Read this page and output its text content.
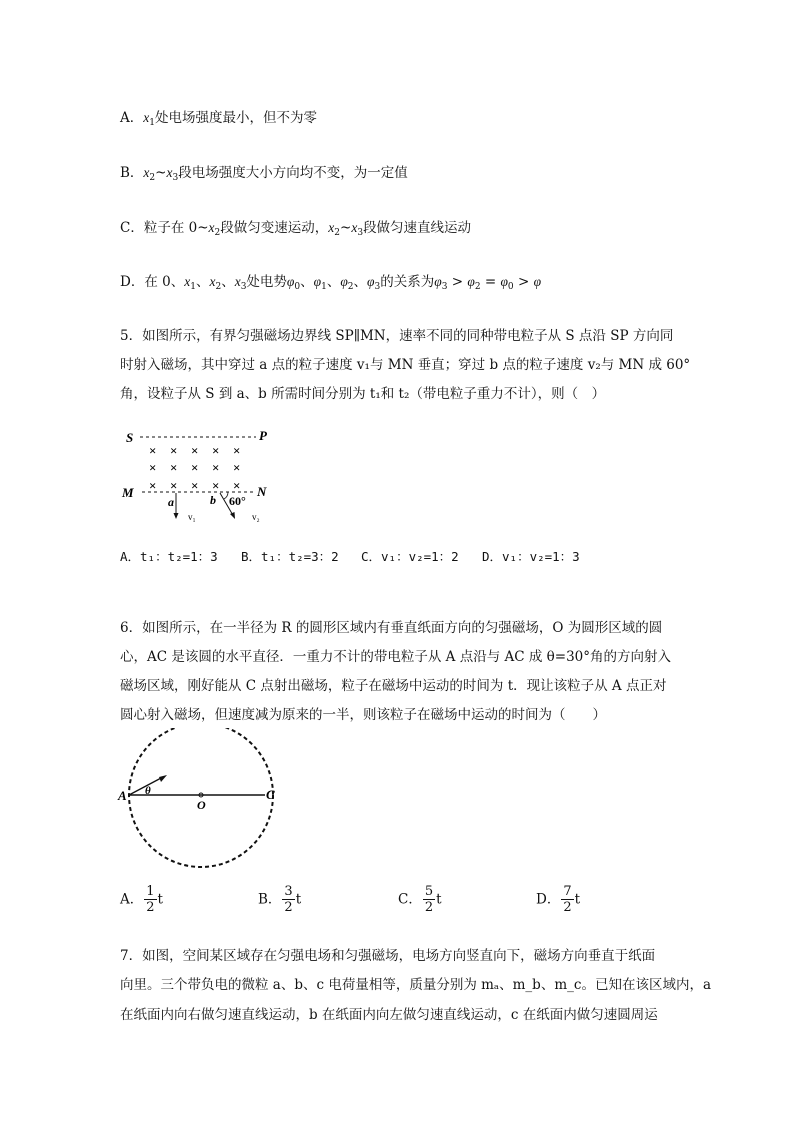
A．$x_1$处电场强度最小，但不为零
B．$x_2\sim x_3$段电场强度大小方向均不变，为一定值
C．粒子在 $0\sim x_2$段做匀变速运动，$x_2\sim x_3$段做匀速直线运动
D．在 0、$x_1$、$x_2$、$x_3$处电势$\varphi_0$、$\varphi_1$、$\varphi_2$、$\varphi_3$的关系为$\varphi_3 > \varphi_2 = \varphi_0 > \varphi$
5．如图所示，有界匀强磁场边界线 SP∥MN，速率不同的同种带电粒子从 S 点沿 SP 方向同
时射入磁场，其中穿过 a 点的粒子速度 v₁与 MN 垂直；穿过 b 点的粒子速度 v₂与 MN 成 60°
角，设粒子从 S 到 a、b 所需时间分别为 t₁和 t₂（带电粒子重力不计），则（　）
S	P
M	N
× × × × ×
× × × × ×
× × × × ×
a	b 60°
v₁	v₂
A．t₁：t₂=1：3 B．t₁：t₂=3：2 C．v₁：v₂=1：2 D．v₁：v₂=1：3
6．如图所示，在一半径为 R 的圆形区域内有垂直纸面方向的匀强磁场，O 为圆形区域的圆
心，AC 是该圆的水平直径．一重力不计的带电粒子从 A 点沿与 AC 成 θ=30°角的方向射入
磁场区域，刚好能从 C 点射出磁场，粒子在磁场中运动的时间为 t．现让该粒子从 A 点正对
圆心射入磁场，但速度减为原来的一半，则该粒子在磁场中运动的时间为（　　）
A θ
O
C
A． $\frac{1}{2}$ t	B． $\frac{3}{2}$ t	C． $\frac{5}{2}$ t	D． $\frac{7}{2}$ t
7．如图，空间某区域存在匀强电场和匀强磁场，电场方向竖直向下，磁场方向垂直于纸面
向里。三个带负电的微粒 a、b、c 电荷量相等，质量分别为 mₐ、m_b、m_c。已知在该区域内，a
在纸面内向右做匀速直线运动，b 在纸面内向左做匀速直线运动，c 在纸面内做匀速圆周运
